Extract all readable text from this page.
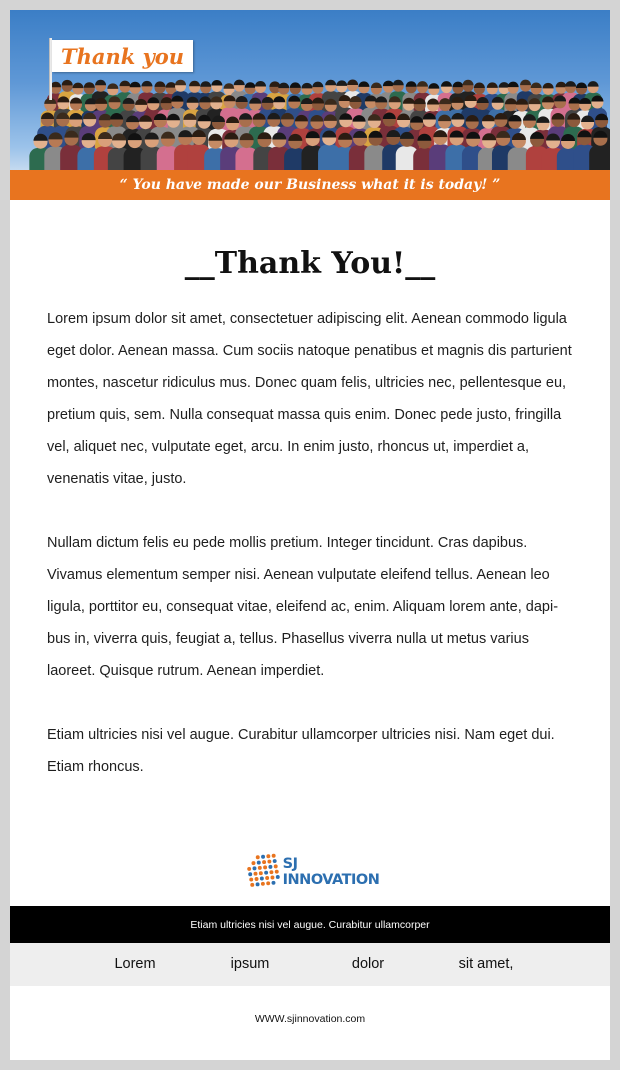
Thank you
“ You have made our Business what it is today! ”
__Thank You!__

Lorem ipsum dolor sit amet, consectetuer adipiscing elit. Aenean commodo ligula eget dolor. Aenean massa. Cum sociis natoque penatibus et magnis dis parturient montes, nascetur ridiculus mus. Donec quam felis, ultricies nec, pellentesque eu, pretium quis, sem. Nulla consequat massa quis enim. Donec pede justo, fringilla vel, aliquet nec, vulputate eget, arcu. In enim justo, rhoncus ut, imperdiet a, venenatis vitae, justo.

Nullam dictum felis eu pede mollis pretium. Integer tincidunt. Cras dapibus. Vivamus elementum semper nisi. Aenean vulputate eleifend tellus. Aenean leo ligula, porttitor eu, consequat vitae, eleifend ac, enim. Aliquam lorem ante, dapibus in, viverra quis, feugiat a, tellus. Phasellus viverra nulla ut metus varius laoreet. Quisque rutrum. Aenean imperdiet.

Etiam ultricies nisi vel augue. Curabitur ullamcorper ultricies nisi. Nam eget dui. Etiam rhoncus.

SJ INNOVATION
Etiam ultricies nisi vel augue. Curabitur ullamcorper
Lorem	ipsum	dolor	sit amet,
WWW.sjinnovation.com
